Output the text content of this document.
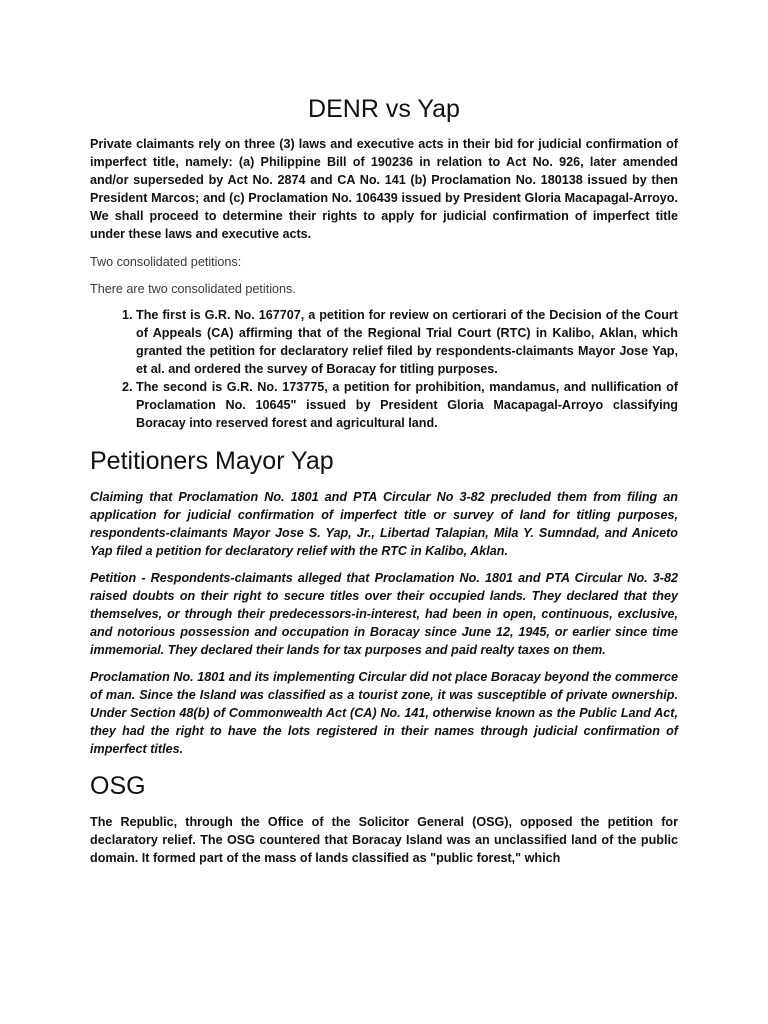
DENR vs Yap

Private claimants rely on three (3) laws and executive acts in their bid for judicial confirmation of imperfect title, namely: (a) Philippine Bill of 190236 in relation to Act No. 926, later amended and/or superseded by Act No. 2874 and CA No. 141 (b) Proclamation No. 180138 issued by then President Marcos; and (c) Proclamation No. 106439 issued by President Gloria Macapagal-Arroyo. We shall proceed to determine their rights to apply for judicial confirmation of imperfect title under these laws and executive acts.

Two consolidated petitions:

There are two consolidated petitions.

1. The first is G.R. No. 167707, a petition for review on certiorari of the Decision of the Court of Appeals (CA) affirming that of the Regional Trial Court (RTC) in Kalibo, Aklan, which granted the petition for declaratory relief filed by respondents-claimants Mayor Jose Yap, et al. and ordered the survey of Boracay for titling purposes.
2. The second is G.R. No. 173775, a petition for prohibition, mandamus, and nullification of Proclamation No. 10645" issued by President Gloria Macapagal-Arroyo classifying Boracay into reserved forest and agricultural land.
Petitioners Mayor Yap

Claiming that Proclamation No. 1801 and PTA Circular No 3-82 precluded them from filing an application for judicial confirmation of imperfect title or survey of land for titling purposes, respondents-claimants Mayor Jose S. Yap, Jr., Libertad Talapian, Mila Y. Sumndad, and Aniceto Yap filed a petition for declaratory relief with the RTC in Kalibo, Aklan.

Petition - Respondents-claimants alleged that Proclamation No. 1801 and PTA Circular No. 3-82 raised doubts on their right to secure titles over their occupied lands. They declared that they themselves, or through their predecessors-in-interest, had been in open, continuous, exclusive, and notorious possession and occupation in Boracay since June 12, 1945, or earlier since time immemorial. They declared their lands for tax purposes and paid realty taxes on them.

Proclamation No. 1801 and its implementing Circular did not place Boracay beyond the commerce of man. Since the Island was classified as a tourist zone, it was susceptible of private ownership. Under Section 48(b) of Commonwealth Act (CA) No. 141, otherwise known as the Public Land Act, they had the right to have the lots registered in their names through judicial confirmation of imperfect titles.

OSG

The Republic, through the Office of the Solicitor General (OSG), opposed the petition for declaratory relief. The OSG countered that Boracay Island was an unclassified land of the public domain. It formed part of the mass of lands classified as "public forest," which
